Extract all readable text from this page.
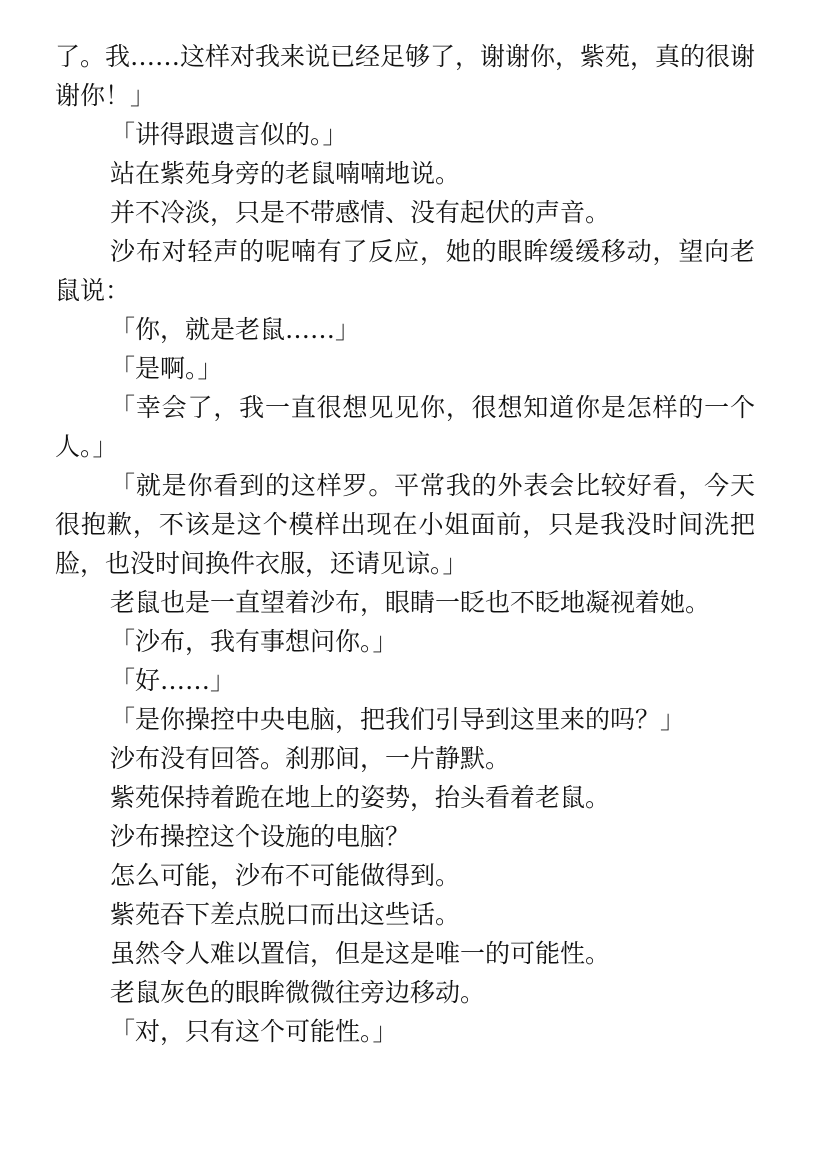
了。我……这样对我来说已经足够了，谢谢你，紫苑，真的很谢谢你！」

「讲得跟遗言似的。」

站在紫苑身旁的老鼠喃喃地说。

并不冷淡，只是不带感情、没有起伏的声音。

沙布对轻声的呢喃有了反应，她的眼眸缓缓移动，望向老鼠说：

「你，就是老鼠……」

「是啊。」

「幸会了，我一直很想见见你，很想知道你是怎样的一个人。」

「就是你看到的这样罗。平常我的外表会比较好看，今天很抱歉，不该是这个模样出现在小姐面前，只是我没时间洗把脸，也没时间换件衣服，还请见谅。」

老鼠也是一直望着沙布，眼睛一眨也不眨地凝视着她。

「沙布，我有事想问你。」

「好……」

「是你操控中央电脑，把我们引导到这里来的吗？」

沙布没有回答。刹那间，一片静默。

紫苑保持着跪在地上的姿势，抬头看着老鼠。

沙布操控这个设施的电脑？

怎么可能，沙布不可能做得到。

紫苑吞下差点脱口而出这些话。

虽然令人难以置信，但是这是唯一的可能性。

老鼠灰色的眼眸微微往旁边移动。

「对，只有这个可能性。」
